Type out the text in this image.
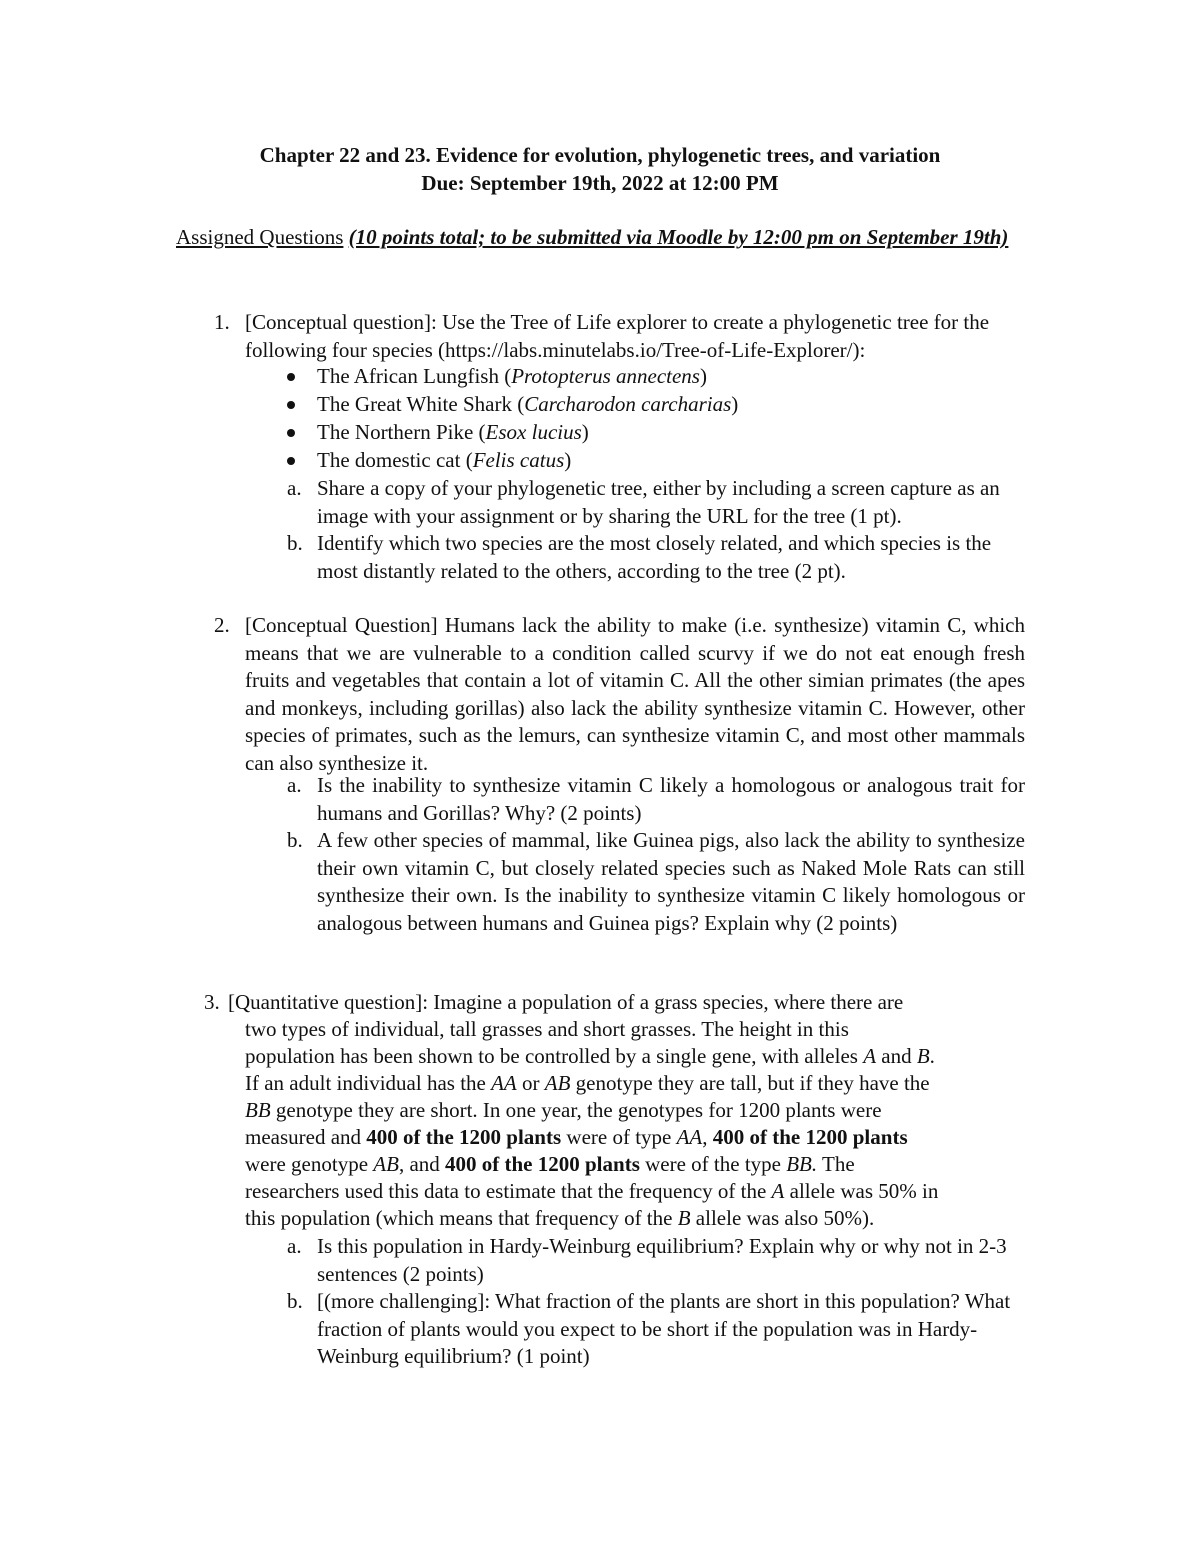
Chapter 22 and 23. Evidence for evolution, phylogenetic trees, and variation
Due: September 19th, 2022 at 12:00 PM
Assigned Questions (10 points total; to be submitted via Moodle by 12:00 pm on September 19th)
1. [Conceptual question]: Use the Tree of Life explorer to create a phylogenetic tree for the following four species (https://labs.minutelabs.io/Tree-of-Life-Explorer/):
The African Lungfish (Protopterus annectens)
The Great White Shark (Carcharodon carcharias)
The Northern Pike (Esox lucius)
The domestic cat (Felis catus)
a. Share a copy of your phylogenetic tree, either by including a screen capture as an image with your assignment or by sharing the URL for the tree (1 pt).
b. Identify which two species are the most closely related, and which species is the most distantly related to the others, according to the tree (2 pt).
2. [Conceptual Question] Humans lack the ability to make (i.e. synthesize) vitamin C, which means that we are vulnerable to a condition called scurvy if we do not eat enough fresh fruits and vegetables that contain a lot of vitamin C. All the other simian primates (the apes and monkeys, including gorillas) also lack the ability synthesize vitamin C. However, other species of primates, such as the lemurs, can synthesize vitamin C, and most other mammals can also synthesize it.
a. Is the inability to synthesize vitamin C likely a homologous or analogous trait for humans and Gorillas? Why? (2 points)
b. A few other species of mammal, like Guinea pigs, also lack the ability to synthesize their own vitamin C, but closely related species such as Naked Mole Rats can still synthesize their own. Is the inability to synthesize vitamin C likely homologous or analogous between humans and Guinea pigs? Explain why (2 points)
3. [Quantitative question]: Imagine a population of a grass species, where there are
two types of individual, tall grasses and short grasses. The height in this
population has been shown to be controlled by a single gene, with alleles A and B.
If an adult individual has the AA or AB genotype they are tall, but if they have the
BB genotype they are short. In one year, the genotypes for 1200 plants were
measured and 400 of the 1200 plants were of type AA, 400 of the 1200 plants
were genotype AB, and 400 of the 1200 plants were of the type BB. The
researchers used this data to estimate that the frequency of the A allele was 50% in
this population (which means that frequency of the B allele was also 50%).
a. Is this population in Hardy-Weinburg equilibrium? Explain why or why not in 2-3 sentences (2 points)
b. [(more challenging]: What fraction of the plants are short in this population? What fraction of plants would you expect to be short if the population was in Hardy-Weinburg equilibrium? (1 point)
